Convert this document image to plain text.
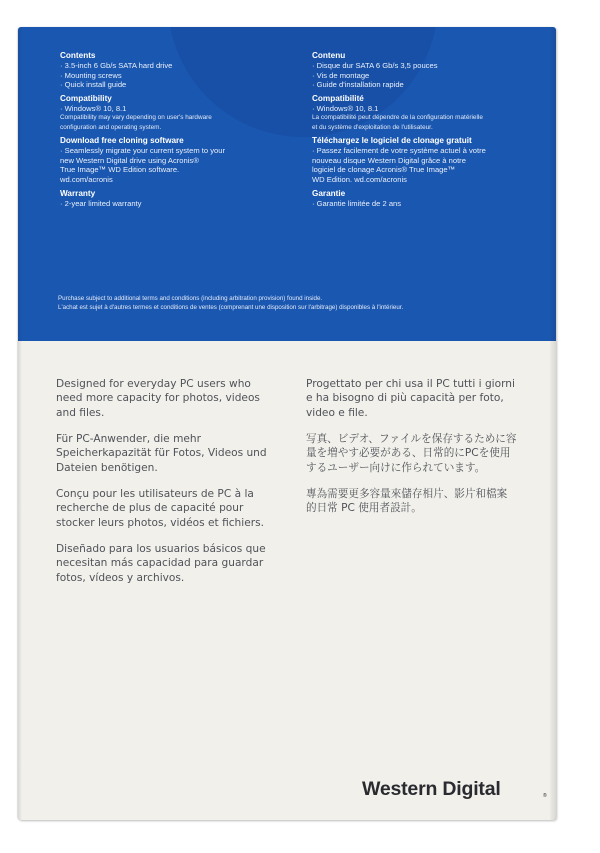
Contents
· 3.5-inch 6 Gb/s SATA hard drive
· Mounting screws
· Quick install guide
Compatibility
· Windows® 10, 8.1
Compatibility may vary depending on user's hardware
configuration and operating system.
Download free cloning software
· Seamlessly migrate your current system to your
new Western Digital drive using Acronis®
True Image™ WD Edition software.
wd.com/acronis
Warranty
· 2-year limited warranty
Contenu
· Disque dur SATA 6 Gb/s 3,5 pouces
· Vis de montage
· Guide d'installation rapide
Compatibilité
· Windows® 10, 8.1
La compatibilité peut dépendre de la configuration matérielle
et du système d'exploitation de l'utilisateur.
Téléchargez le logiciel de clonage gratuit
· Passez facilement de votre système actuel à votre
nouveau disque Western Digital grâce à notre
logiciel de clonage Acronis® True Image™
WD Edition. wd.com/acronis
Garantie
· Garantie limitée de 2 ans
Purchase subject to additional terms and conditions (including arbitration provision) found inside.
L'achat est sujet à d'autres termes et conditions de ventes (comprenant une disposition sur l'arbitrage) disponibles à l'intérieur.
Designed for everyday PC users who
need more capacity for photos, videos
and files.
Für PC-Anwender, die mehr
Speicherkapazität für Fotos, Videos und
Dateien benötigen.
Conçu pour les utilisateurs de PC à la
recherche de plus de capacité pour
stocker leurs photos, vidéos et fichiers.
Diseñado para los usuarios básicos que
necesitan más capacidad para guardar
fotos, vídeos y archivos.
Progettato per chi usa il PC tutti i giorni
e ha bisogno di più capacità per foto,
video e file.
写真、ビデオ、ファイルを保存するために容
量を増やす必要がある、日常的にPCを使用
するユーザー向けに作られています。
專為需要更多容量來儲存相片、影片和檔案
的日常 PC 使用者設計。
Western Digital	®
